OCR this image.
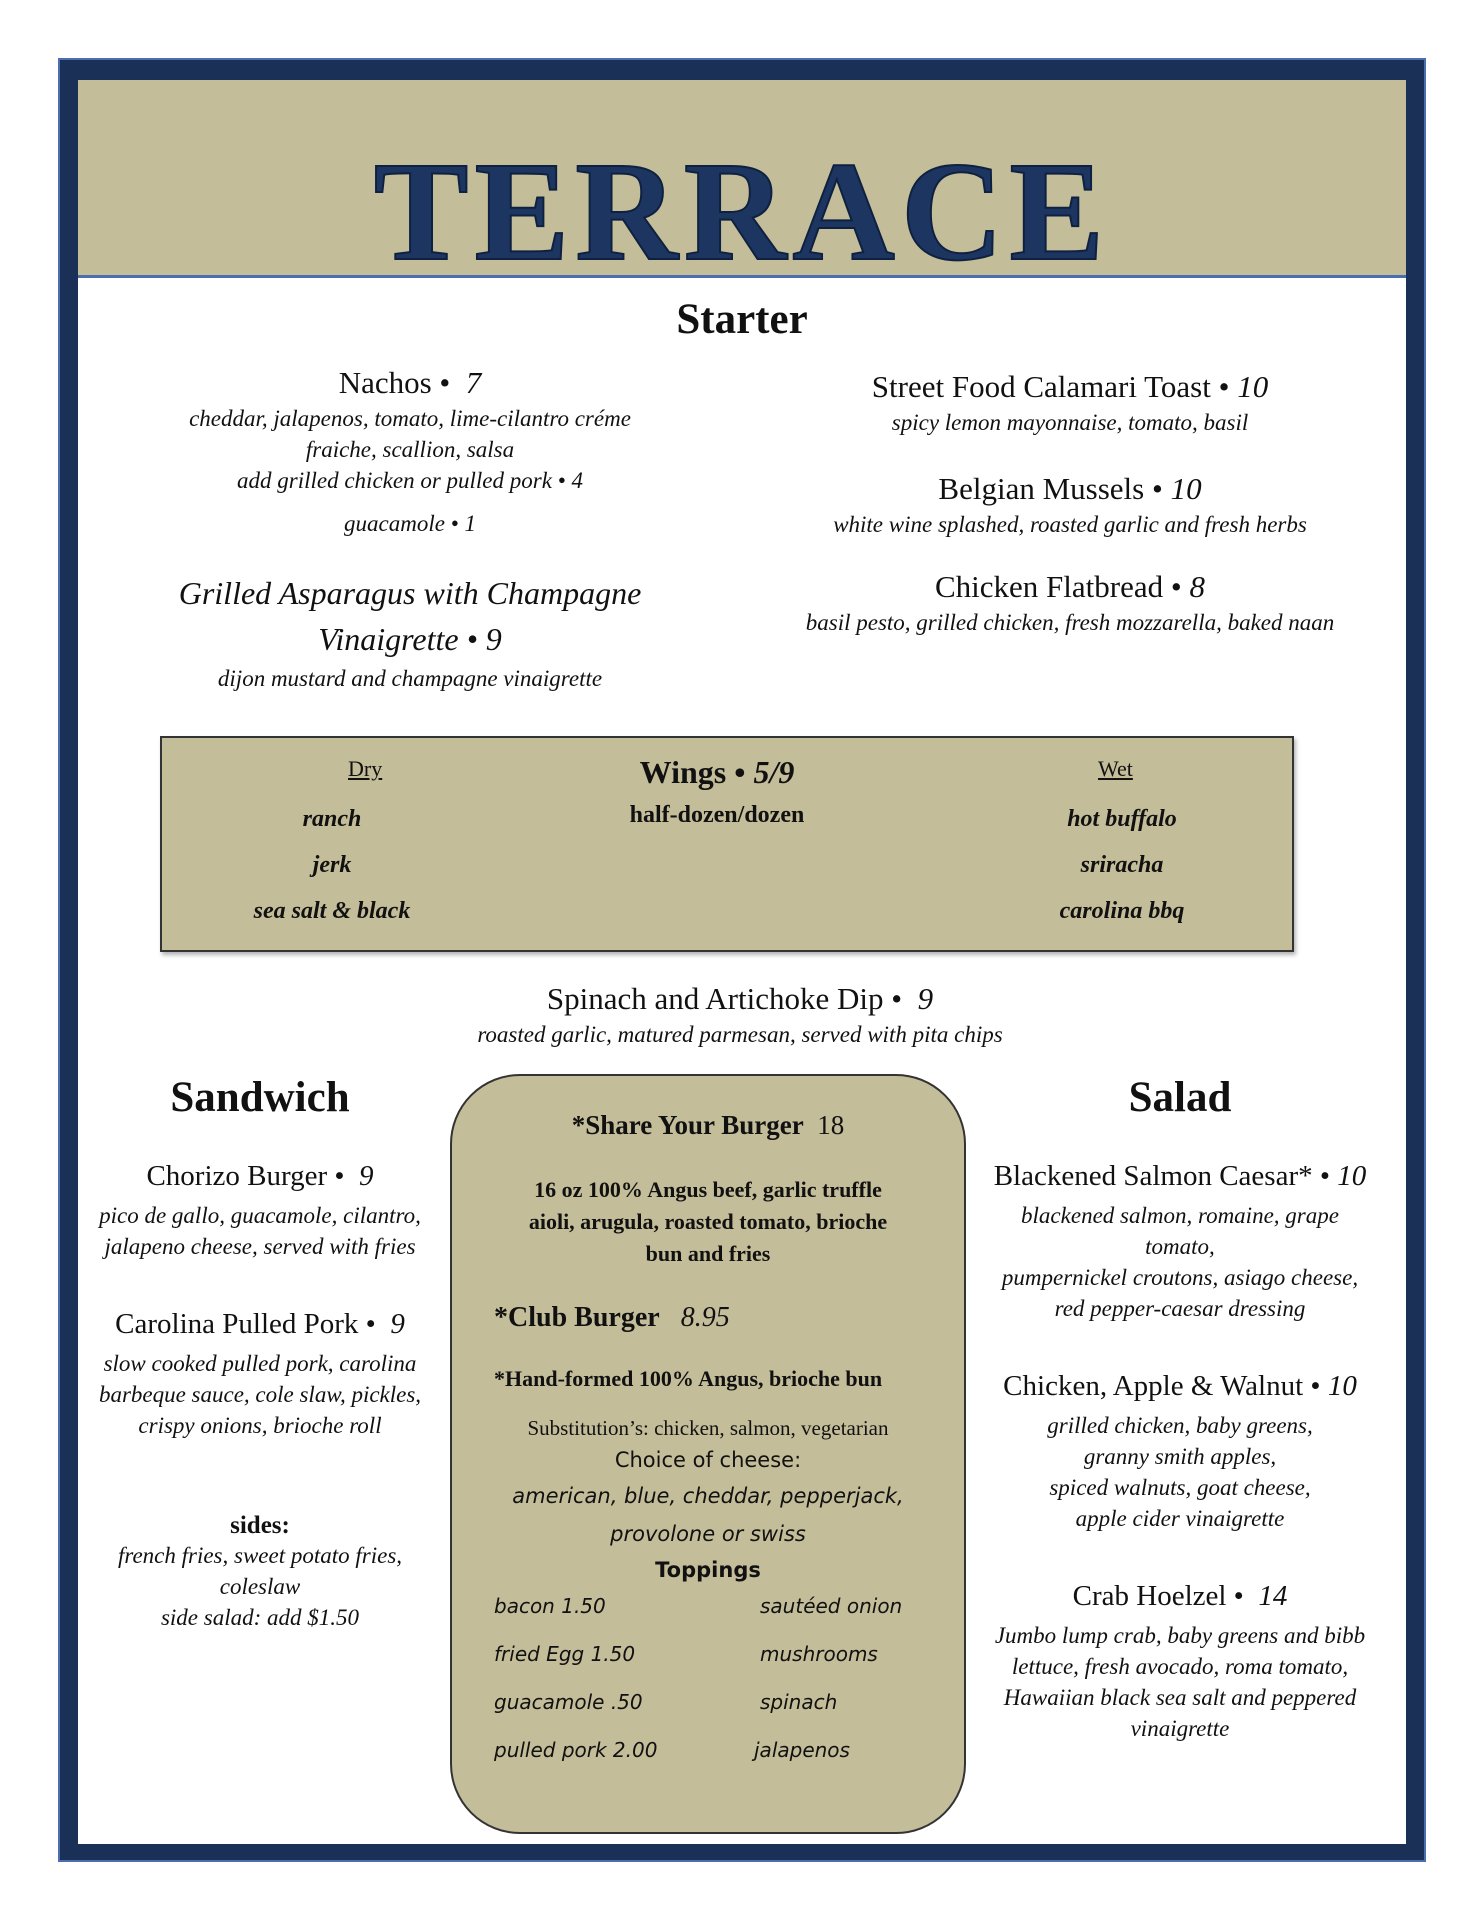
TERRACE
Starter
Nachos • 7
cheddar, jalapenos, tomato, lime-cilantro créme
fraiche, scallion, salsa
add grilled chicken or pulled pork • 4
guacamole • 1
Grilled Asparagus with Champagne
Vinaigrette • 9
dijon mustard and champagne vinaigrette
Street Food Calamari Toast • 10
spicy lemon mayonnaise, tomato, basil
Belgian Mussels • 10
white wine splashed, roasted garlic and fresh herbs
Chicken Flatbread • 8
basil pesto, grilled chicken, fresh mozzarella, baked naan
Dry
ranch
jerk
sea salt & black
Wings • 5/9
half-dozen/dozen
Wet
hot buffalo
sriracha
carolina bbq
Spinach and Artichoke Dip • 9
roasted garlic, matured parmesan, served with pita chips
Sandwich
Chorizo Burger • 9
pico de gallo, guacamole, cilantro,
jalapeno cheese, served with fries
Carolina Pulled Pork • 9
slow cooked pulled pork, carolina
barbeque sauce, cole slaw, pickles,
crispy onions, brioche roll
sides:
french fries, sweet potato fries,
coleslaw
side salad: add $1.50
*Share Your Burger 18
16 oz 100% Angus beef, garlic truffle
aioli, arugula, roasted tomato, brioche
bun and fries
*Club Burger 8.95
*Hand-formed 100% Angus, brioche bun
Substitution’s: chicken, salmon, vegetarian
Choice of cheese:
american, blue, cheddar, pepperjack,
provolone or swiss
Toppings
bacon 1.50
fried Egg 1.50
guacamole .50
pulled pork 2.00
sautéed onion
mushrooms
spinach
jalapenos
Salad
Blackened Salmon Caesar* • 10
blackened salmon, romaine, grape
tomato,
pumpernickel croutons, asiago cheese,
red pepper-caesar dressing
Chicken, Apple & Walnut • 10
grilled chicken, baby greens,
granny smith apples,
spiced walnuts, goat cheese,
apple cider vinaigrette
Crab Hoelzel • 14
Jumbo lump crab, baby greens and bibb
lettuce, fresh avocado, roma tomato,
Hawaiian black sea salt and peppered
vinaigrette
